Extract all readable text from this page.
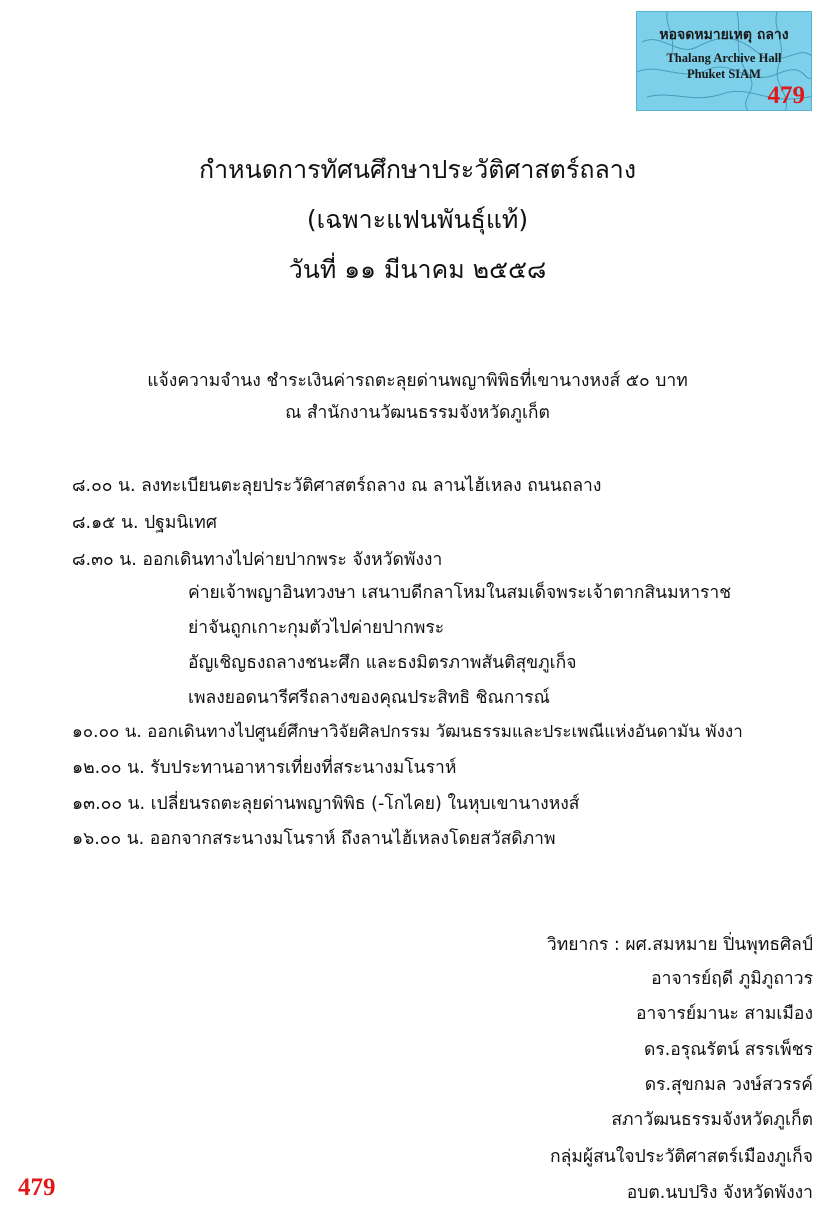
หอจดหมายเหตุ ถลาง
Thalang Archive Hall
Phuket SIAM
479
กำหนดการทัศนศึกษาประวัติศาสตร์ถลาง
(เฉพาะแฟนพันธุ์แท้)
วันที่ ๑๑ มีนาคม ๒๕๕๘
แจ้งความจำนง ชำระเงินค่ารถตะลุยด่านพญาพิพิธที่เขานางหงส์ ๕๐ บาท
ณ สำนักงานวัฒนธรรมจังหวัดภูเก็ต
๘.๐๐ น. ลงทะเบียนตะลุยประวัติศาสตร์ถลาง ณ ลานไฮ้เหลง ถนนถลาง
๘.๑๕ น. ปฐมนิเทศ
๘.๓๐ น. ออกเดินทางไปค่ายปากพระ จังหวัดพังงา
ค่ายเจ้าพญาอินทวงษา เสนาบดีกลาโหมในสมเด็จพระเจ้าตากสินมหาราช
ย่าจันถูกเกาะกุมตัวไปค่ายปากพระ
อัญเชิญธงถลางชนะศึก และธงมิตรภาพสันติสุขภูเก็จ
เพลงยอดนารีศรีถลางของคุณประสิทธิ ชิณการณ์
๑๐.๐๐ น. ออกเดินทางไปศูนย์ศึกษาวิจัยศิลปกรรม วัฒนธรรมและประเพณีแห่งอันดามัน พังงา
๑๒.๐๐ น. รับประทานอาหารเที่ยงที่สระนางมโนราห์
๑๓.๐๐ น. เปลี่ยนรถตะลุยด่านพญาพิพิธ (-โกไคย) ในหุบเขานางหงส์
๑๖.๐๐ น. ออกจากสระนางมโนราห์ ถึงลานไฮ้เหลงโดยสวัสดิภาพ
วิทยากร : ผศ.สมหมาย ปิ่นพุทธศิลป์
อาจารย์ฤดี ภูมิภูถาวร
อาจารย์มานะ สามเมือง
ดร.อรุณรัตน์ สรรเพ็ชร
ดร.สุขกมล วงษ์สวรรค์
สภาวัฒนธรรมจังหวัดภูเก็ต
กลุ่มผู้สนใจประวัติศาสตร์เมืองภูเก็จ
อบต.นบปริง จังหวัดพังงา
479
